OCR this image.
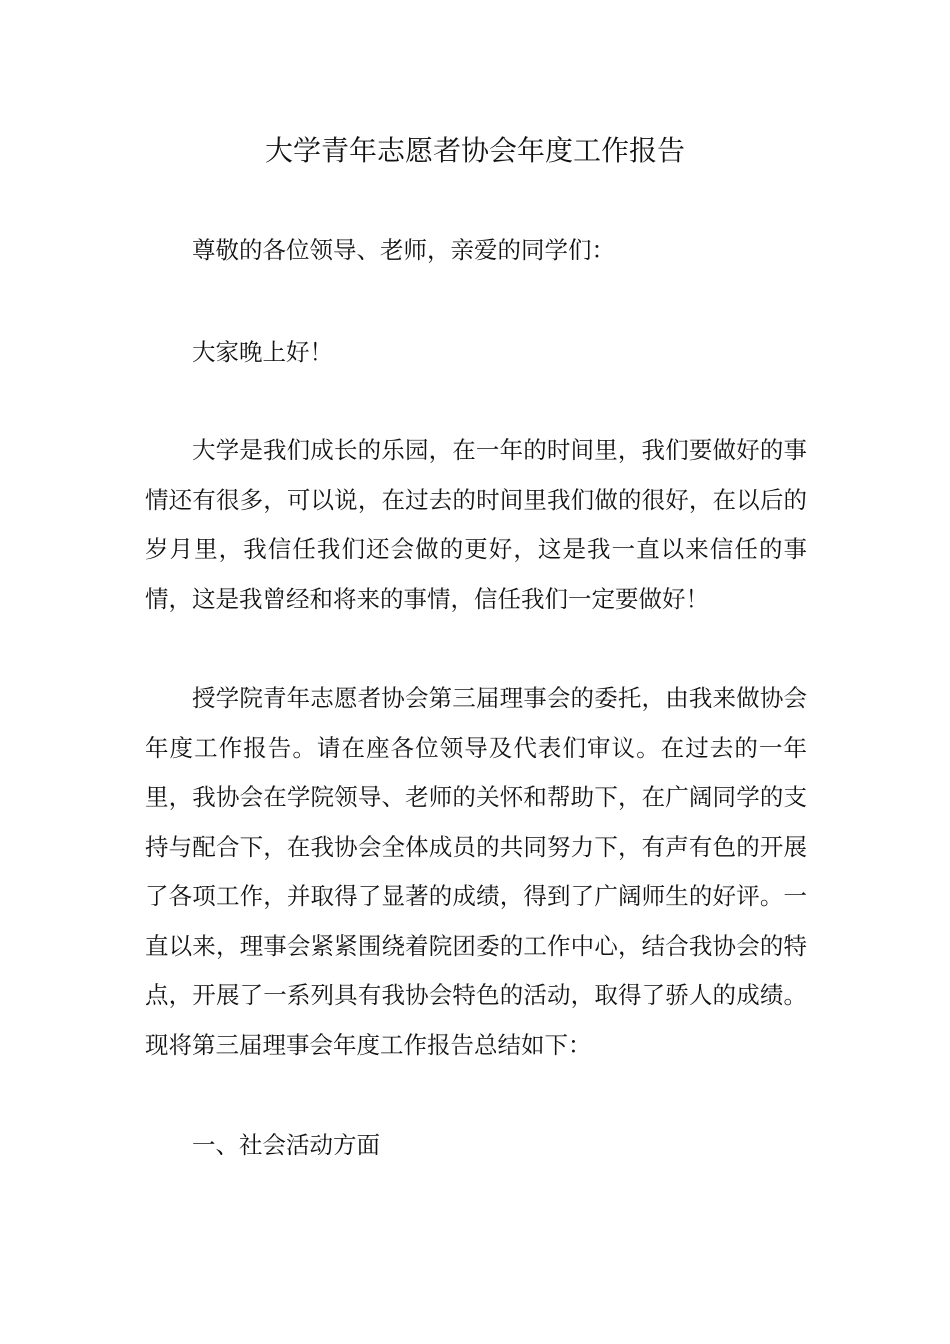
大学青年志愿者协会年度工作报告

尊敬的各位领导、老师，亲爱的同学们：

大家晚上好！

大学是我们成长的乐园，在一年的时间里，我们要做好的事情还有很多，可以说，在过去的时间里我们做的很好，在以后的岁月里，我信任我们还会做的更好，这是我一直以来信任的事情，这是我曾经和将来的事情，信任我们一定要做好！

授学院青年志愿者协会第三届理事会的委托，由我来做协会年度工作报告。请在座各位领导及代表们审议。在过去的一年里，我协会在学院领导、老师的关怀和帮助下，在广阔同学的支持与配合下，在我协会全体成员的共同努力下，有声有色的开展了各项工作，并取得了显著的成绩，得到了广阔师生的好评。一直以来，理事会紧紧围绕着院团委的工作中心，结合我协会的特点，开展了一系列具有我协会特色的活动，取得了骄人的成绩。现将第三届理事会年度工作报告总结如下：

一、社会活动方面
